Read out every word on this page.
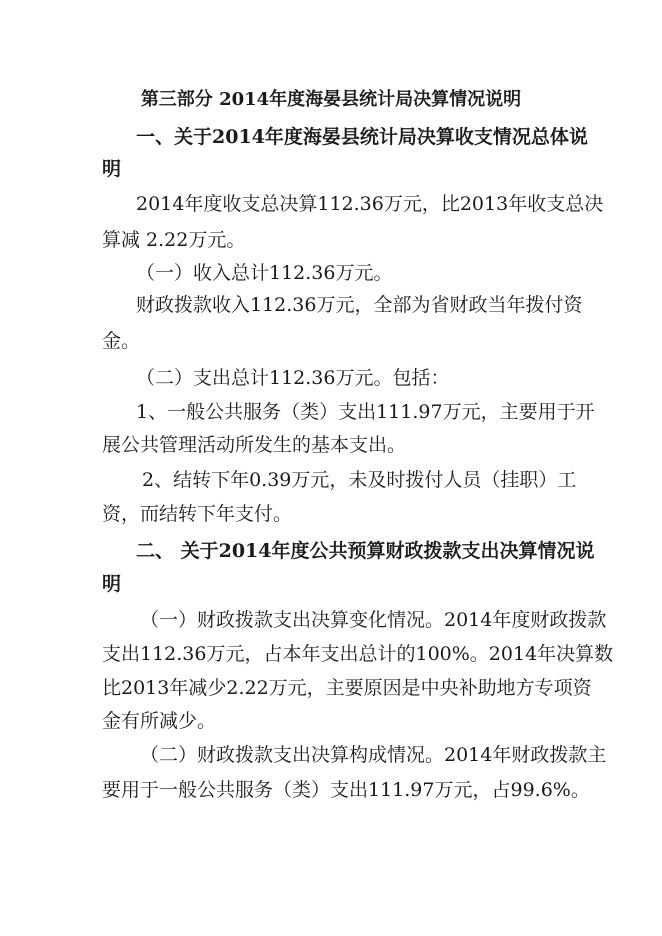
第三部分 2014年度海晏县统计局决算情况说明
一、关于2014年度海晏县统计局决算收支情况总体说
明
2014年度收支总决算112.36万元，比2013年收支总决
算减 2.22万元。
（一）收入总计112.36万元。
财政拨款收入112.36万元，全部为省财政当年拨付资
金。
（二）支出总计112.36万元。包括：
1、一般公共服务（类）支出111.97万元，主要用于开
展公共管理活动所发生的基本支出。
2、结转下年0.39万元，未及时拨付人员（挂职）工
资，而结转下年支付。
二、 关于2014年度公共预算财政拨款支出决算情况说
明
（一）财政拨款支出决算变化情况。2014年度财政拨款
支出112.36万元，占本年支出总计的100%。2014年决算数
比2013年减少2.22万元，主要原因是中央补助地方专项资
金有所减少。
（二）财政拨款支出决算构成情况。2014年财政拨款主
要用于一般公共服务（类）支出111.97万元，占99.6%。
